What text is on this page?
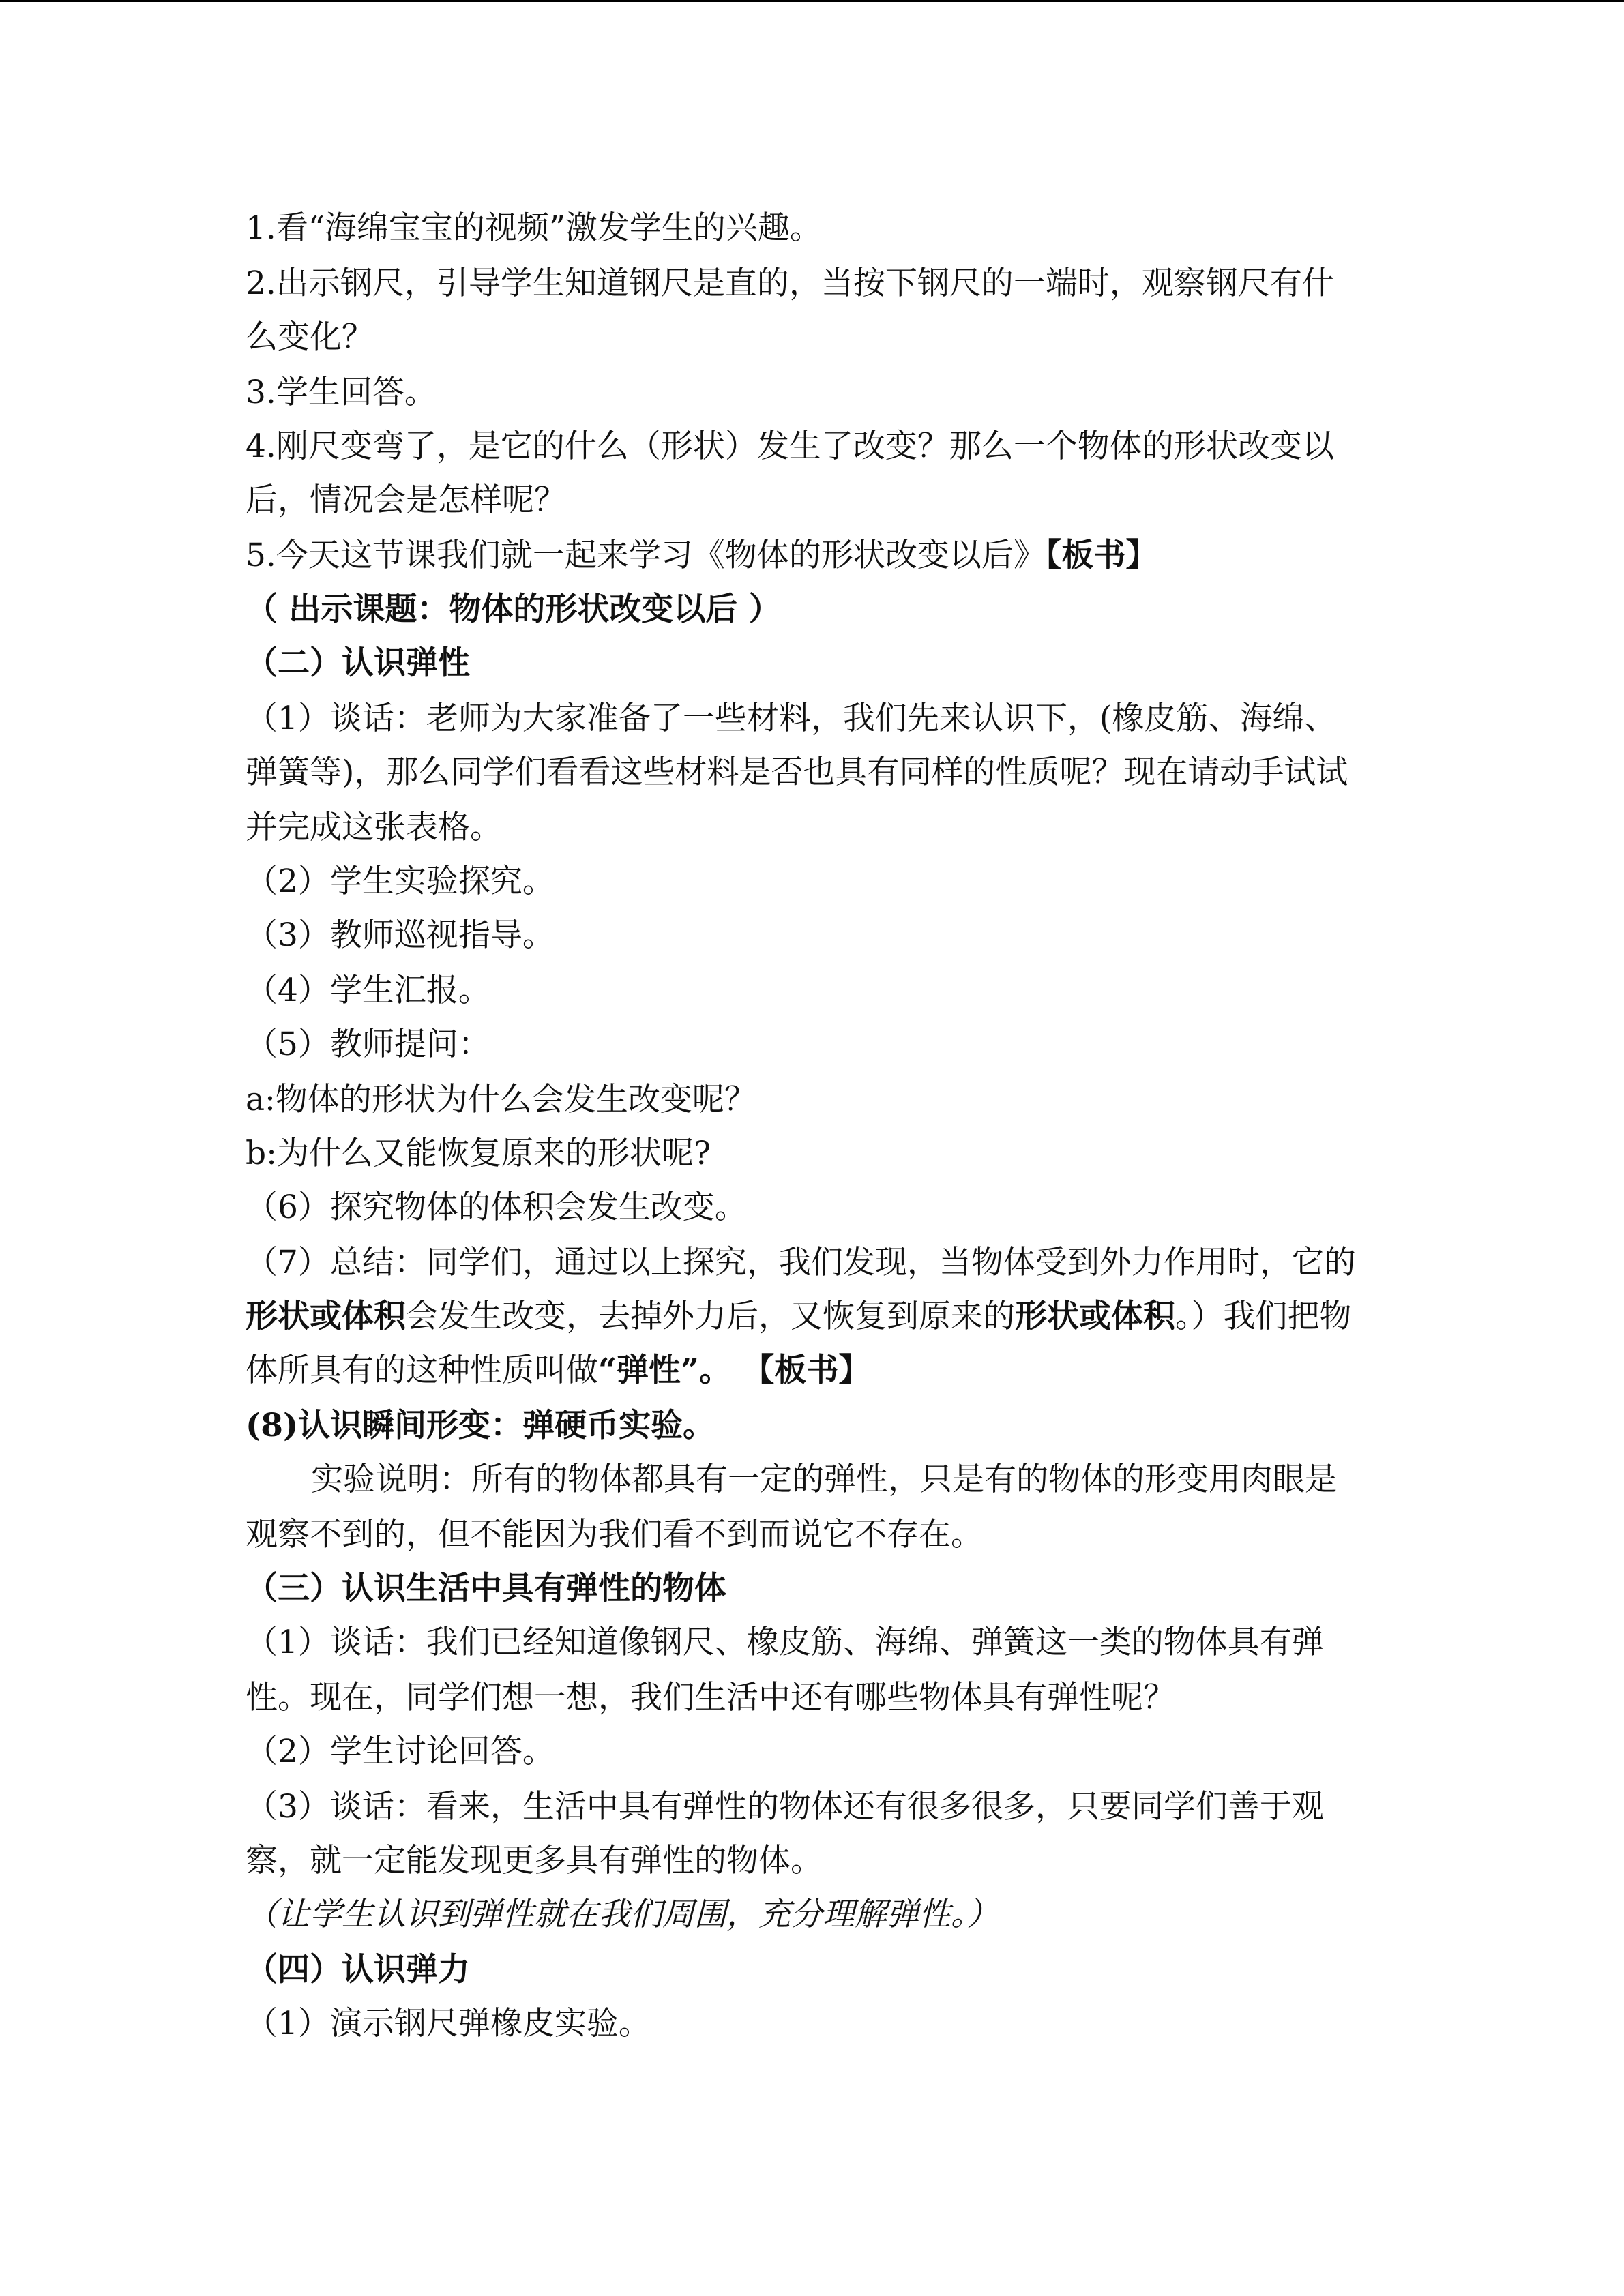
1.看“海绵宝宝的视频”激发学生的兴趣。
2.出示钢尺，引导学生知道钢尺是直的，当按下钢尺的一端时，观察钢尺有什
么变化？
3.学生回答。
4.刚尺变弯了，是它的什么（形状）发生了改变？那么一个物体的形状改变以
后，情况会是怎样呢？
5.今天这节课我们就一起来学习《物体的形状改变以后》【板书】
（ 出示课题：物体的形状改变以后 ）
（二）认识弹性
（1）谈话：老师为大家准备了一些材料，我们先来认识下，(橡皮筋、海绵、
弹簧等)，那么同学们看看这些材料是否也具有同样的性质呢？现在请动手试试
并完成这张表格。
（2）学生实验探究。
（3）教师巡视指导。
（4）学生汇报。
（5）教师提问：
a:物体的形状为什么会发生改变呢？
b:为什么又能恢复原来的形状呢?
（6）探究物体的体积会发生改变。
（7）总结：同学们，通过以上探究，我们发现，当物体受到外力作用时，它的
形状或体积会发生改变，去掉外力后，又恢复到原来的形状或体积。）我们把物
体所具有的这种性质叫做“弹性”。 【板书】
(8)认识瞬间形变：弹硬币实验。
实验说明：所有的物体都具有一定的弹性，只是有的物体的形变用肉眼是
观察不到的，但不能因为我们看不到而说它不存在。
（三）认识生活中具有弹性的物体
（1）谈话：我们已经知道像钢尺、橡皮筋、海绵、弹簧这一类的物体具有弹
性。现在，同学们想一想，我们生活中还有哪些物体具有弹性呢？
（2）学生讨论回答。
（3）谈话：看来，生活中具有弹性的物体还有很多很多，只要同学们善于观
察，就一定能发现更多具有弹性的物体。
（让学生认识到弹性就在我们周围，充分理解弹性。）
（四）认识弹力
（1）演示钢尺弹橡皮实验。
